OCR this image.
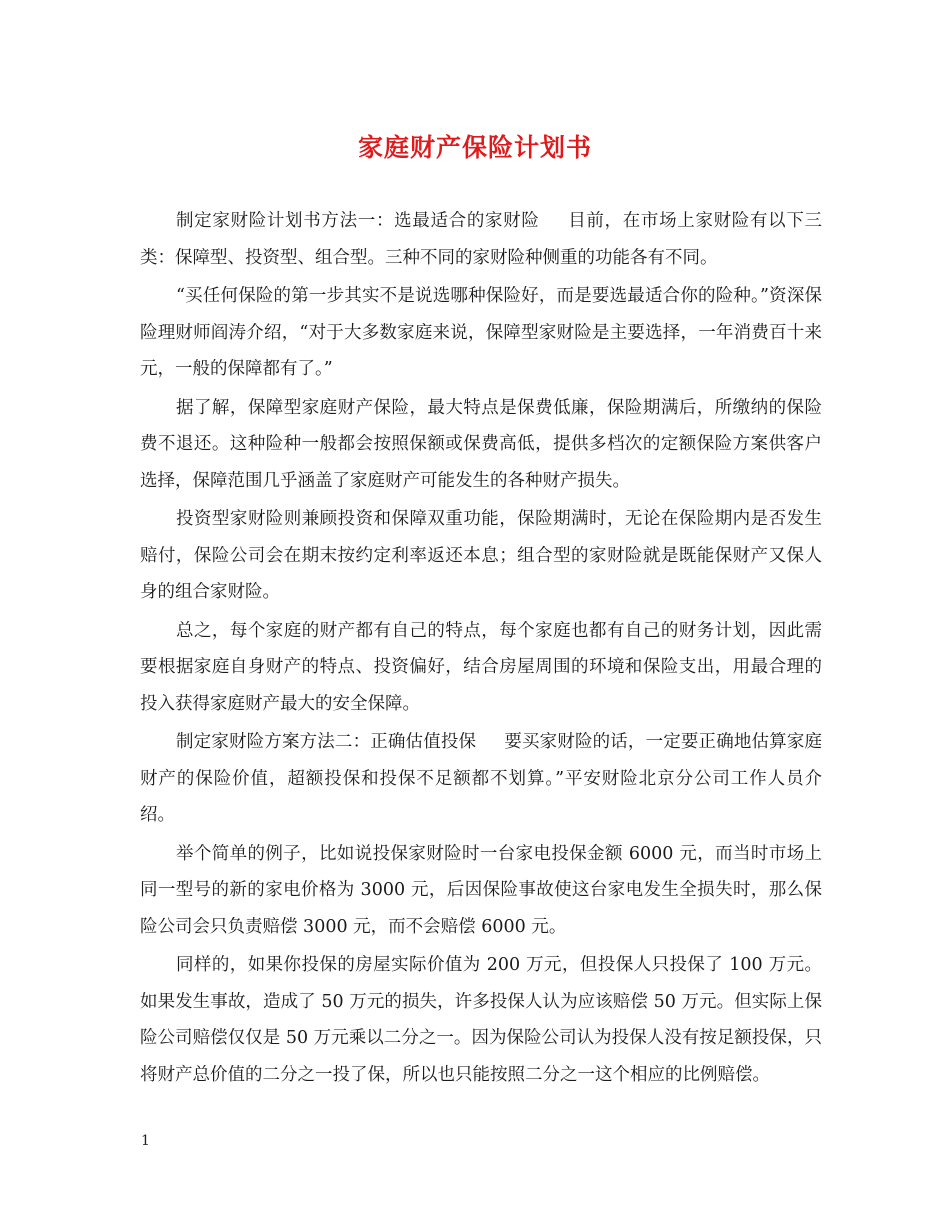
家庭财产保险计划书

制定家财险计划书方法一：选最适合的家财险 目前，在市场上家财险有以下三类：保障型、投资型、组合型。三种不同的家财险种侧重的功能各有不同。

“买任何保险的第一步其实不是说选哪种保险好，而是要选最适合你的险种。”资深保险理财师阎涛介绍，“对于大多数家庭来说，保障型家财险是主要选择，一年消费百十来元，一般的保障都有了。”

据了解，保障型家庭财产保险，最大特点是保费低廉，保险期满后，所缴纳的保险费不退还。这种险种一般都会按照保额或保费高低，提供多档次的定额保险方案供客户选择，保障范围几乎涵盖了家庭财产可能发生的各种财产损失。

投资型家财险则兼顾投资和保障双重功能，保险期满时，无论在保险期内是否发生赔付，保险公司会在期末按约定利率返还本息；组合型的家财险就是既能保财产又保人身的组合家财险。

总之，每个家庭的财产都有自己的特点，每个家庭也都有自己的财务计划，因此需要根据家庭自身财产的特点、投资偏好，结合房屋周围的环境和保险支出，用最合理的投入获得家庭财产最大的安全保障。

制定家财险方案方法二：正确估值投保 要买家财险的话，一定要正确地估算家庭财产的保险价值，超额投保和投保不足额都不划算。”平安财险北京分公司工作人员介绍。

举个简单的例子，比如说投保家财险时一台家电投保金额 6000 元，而当时市场上同一型号的新的家电价格为 3000 元，后因保险事故使这台家电发生全损失时，那么保险公司会只负责赔偿 3000 元，而不会赔偿 6000 元。

同样的，如果你投保的房屋实际价值为 200 万元，但投保人只投保了 100 万元。如果发生事故，造成了 50 万元的损失，许多投保人认为应该赔偿 50 万元。但实际上保险公司赔偿仅仅是 50 万元乘以二分之一。因为保险公司认为投保人没有按足额投保，只将财产总价值的二分之一投了保，所以也只能按照二分之一这个相应的比例赔偿。

1
